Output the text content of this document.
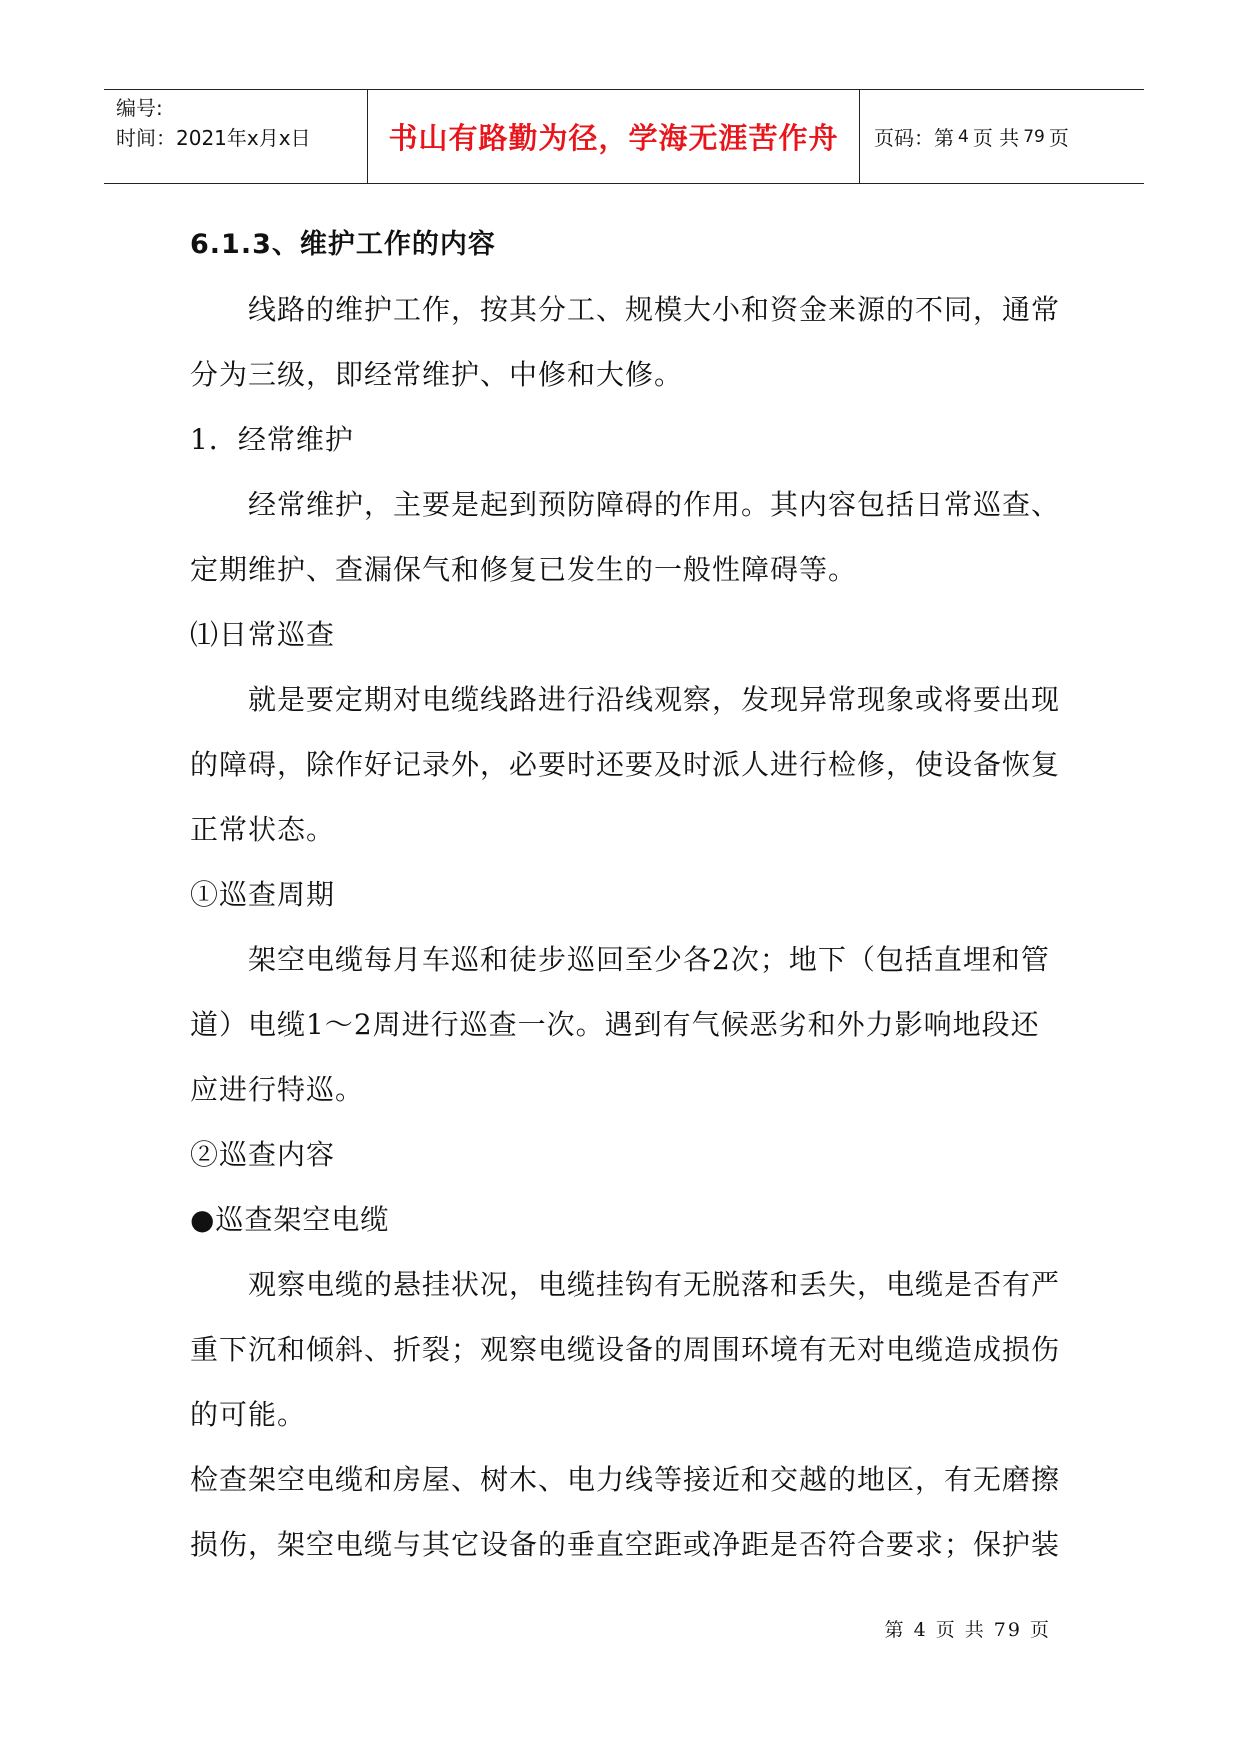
编号:
时间：2021年x月x日	书山有路勤为径，学海无涯苦作舟 页码：第 4 页 共 79 页
6.1.3、维护工作的内容
线路的维护工作，按其分工、规模大小和资金来源的不同，通常
分为三级，即经常维护、中修和大修。
1．经常维护
经常维护，主要是起到预防障碍的作用。其内容包括日常巡查、
定期维护、查漏保气和修复已发生的一般性障碍等。
⑴日常巡查
就是要定期对电缆线路进行沿线观察，发现异常现象或将要出现
的障碍，除作好记录外，必要时还要及时派人进行检修，使设备恢复
正常状态。
①巡查周期
架空电缆每月车巡和徒步巡回至少各2次；地下（包括直埋和管
道）电缆1～2周进行巡查一次。遇到有气候恶劣和外力影响地段还
应进行特巡。
②巡查内容
●巡查架空电缆
观察电缆的悬挂状况，电缆挂钩有无脱落和丢失，电缆是否有严
重下沉和倾斜、折裂；观察电缆设备的周围环境有无对电缆造成损伤
的可能。
检查架空电缆和房屋、树木、电力线等接近和交越的地区，有无磨擦
损伤，架空电缆与其它设备的垂直空距或净距是否符合要求；保护装
第 4 页 共 79 页
